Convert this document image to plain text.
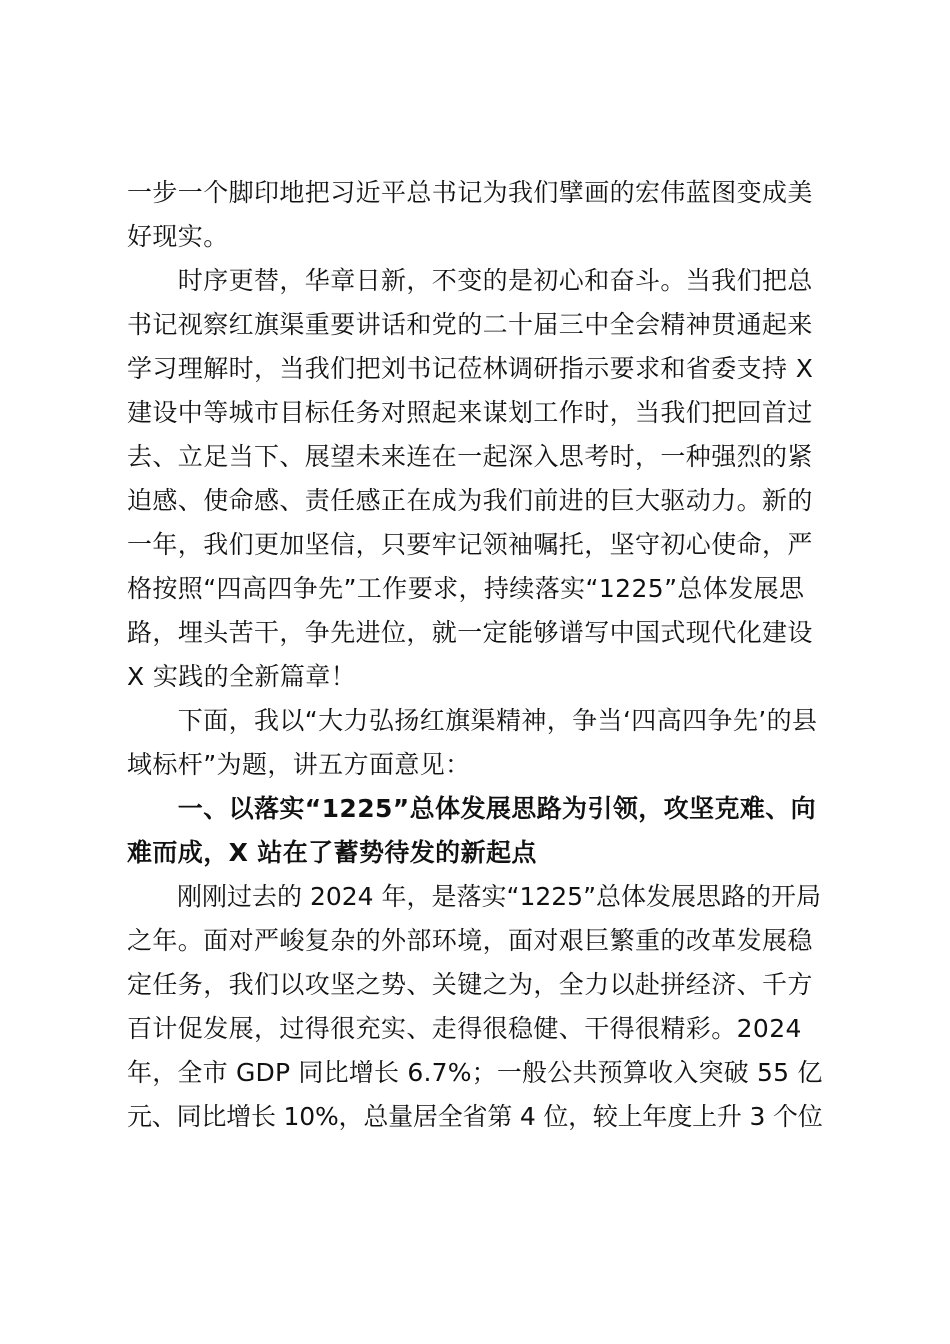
一步一个脚印地把习近平总书记为我们擘画的宏伟蓝图变成美
好现实。
　　时序更替，华章日新，不变的是初心和奋斗。当我们把总
书记视察红旗渠重要讲话和党的二十届三中全会精神贯通起来
学习理解时，当我们把刘书记莅林调研指示要求和省委支持 X
建设中等城市目标任务对照起来谋划工作时，当我们把回首过
去、立足当下、展望未来连在一起深入思考时，一种强烈的紧
迫感、使命感、责任感正在成为我们前进的巨大驱动力。新的
一年，我们更加坚信，只要牢记领袖嘱托，坚守初心使命，严
格按照“四高四争先”工作要求，持续落实“1225”总体发展思
路，埋头苦干，争先进位，就一定能够谱写中国式现代化建设
X 实践的全新篇章！
　　下面，我以“大力弘扬红旗渠精神，争当‘四高四争先’的县
域标杆”为题，讲五方面意见：
　　一、以落实“1225”总体发展思路为引领，攻坚克难、向
难而成，X 站在了蓄势待发的新起点
　　刚刚过去的 2024 年，是落实“1225”总体发展思路的开局
之年。面对严峻复杂的外部环境，面对艰巨繁重的改革发展稳
定任务，我们以攻坚之势、关键之为，全力以赴拼经济、千方
百计促发展，过得很充实、走得很稳健、干得很精彩。2024
年，全市 GDP 同比增长 6.7%；一般公共预算收入突破 55 亿
元、同比增长 10%，总量居全省第 4 位，较上年度上升 3 个位
